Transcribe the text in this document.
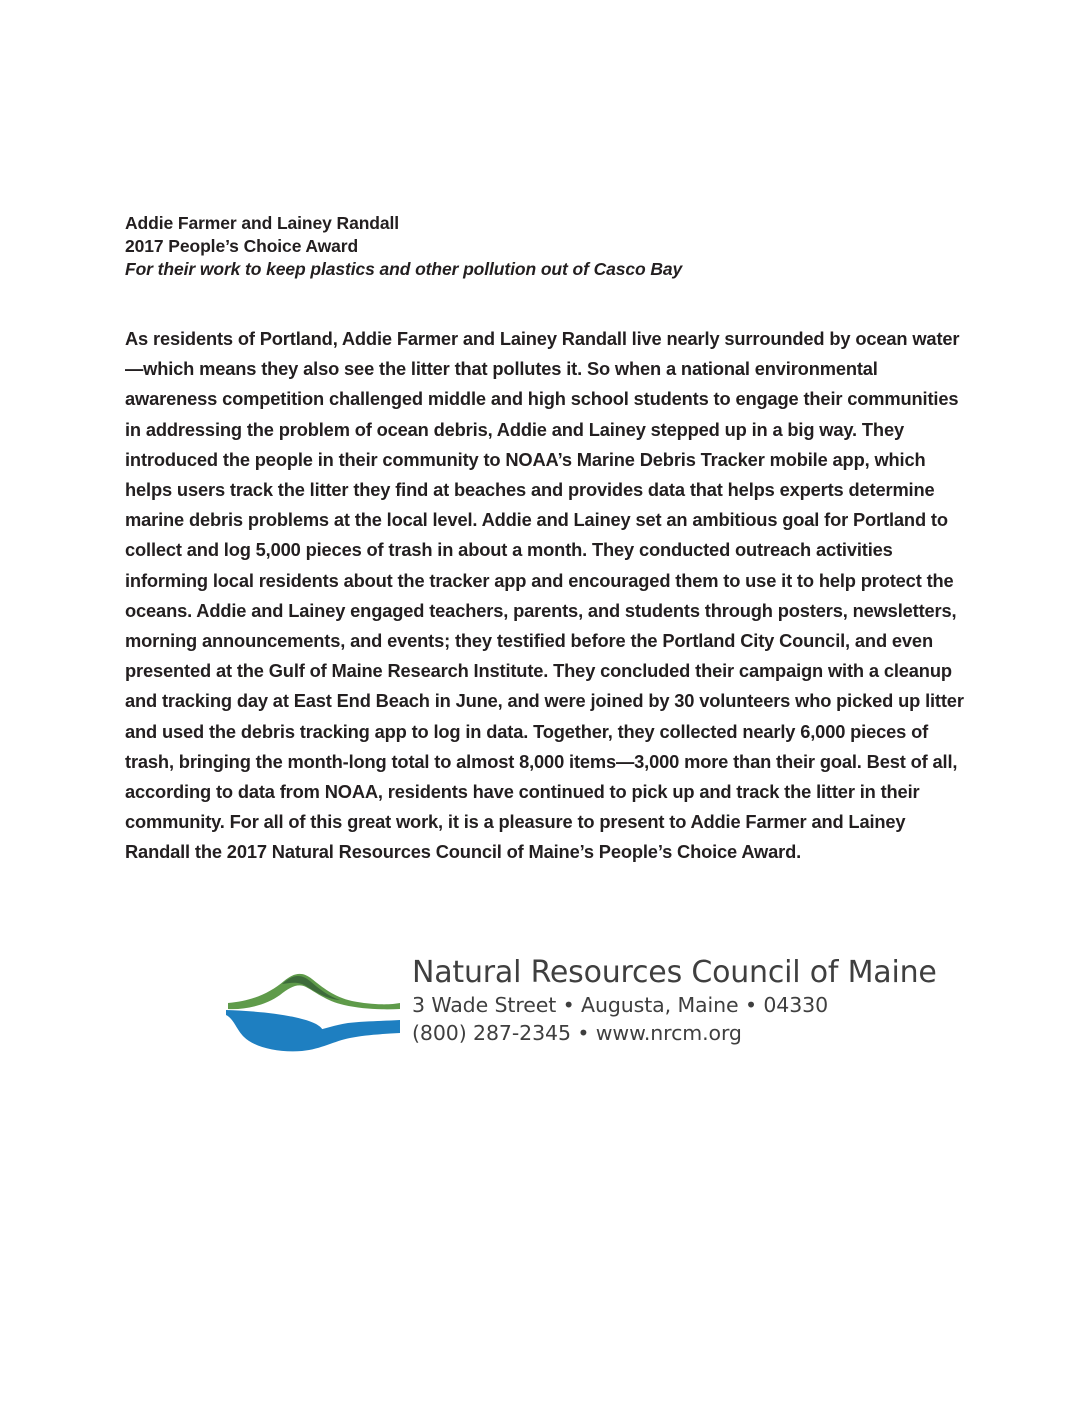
Addie Farmer and Lainey Randall
2017 People’s Choice Award
For their work to keep plastics and other pollution out of Casco Bay

As residents of Portland, Addie Farmer and Lainey Randall live nearly surrounded by ocean water—which means they also see the litter that pollutes it. So when a national environmental awareness competition challenged middle and high school students to engage their communities in addressing the problem of ocean debris, Addie and Lainey stepped up in a big way. They introduced the people in their community to NOAA’s Marine Debris Tracker mobile app, which helps users track the litter they find at beaches and provides data that helps experts determine marine debris problems at the local level. Addie and Lainey set an ambitious goal for Portland to collect and log 5,000 pieces of trash in about a month. They conducted outreach activities informing local residents about the tracker app and encouraged them to use it to help protect the oceans. Addie and Lainey engaged teachers, parents, and students through posters, newsletters, morning announcements, and events; they testified before the Portland City Council, and even presented at the Gulf of Maine Research Institute. They concluded their campaign with a cleanup and tracking day at East End Beach in June, and were joined by 30 volunteers who picked up litter and used the debris tracking app to log in data. Together, they collected nearly 6,000 pieces of trash, bringing the month-long total to almost 8,000 items—3,000 more than their goal. Best of all, according to data from NOAA, residents have continued to pick up and track the litter in their community. For all of this great work, it is a pleasure to present to Addie Farmer and Lainey Randall the 2017 Natural Resources Council of Maine’s People’s Choice Award.

Natural Resources Council of Maine
3 Wade Street • Augusta, Maine • 04330
(800) 287-2345 • www.nrcm.org
